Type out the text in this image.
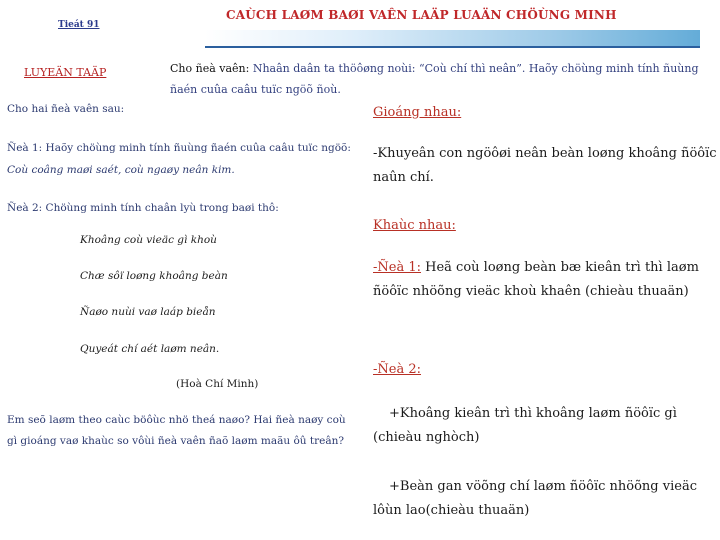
Tieát 91
CAÙCH LAØM BAØI VAÊN LAÄP LUAÄN CHÖÙNG MINH
LUYEÄN TAÄP	Cho ñeà vaên: Nhaân daân ta thöôøng noùi: “Coù chí thì neân”. Haõy chöùng minh tính ñuùng ñaén cuûa caâu tuïc ngöõ ñoù.
Cho hai ñeà vaên sau:
Ñeà 1: Haõy chöùng minh tính ñuùng ñaén cuûa caâu tuïc ngöõ: Coù coâng maøi saét, coù ngaøy neân kim.
Ñeà 2: Chöùng minh tính chaân lyù trong baøi thô:
Khoâng coù vieäc gì khoù
Chæ sôï loøng khoâng beàn
Ñaøo nuùi vaø laáp bieån
Quyeát chí aét laøm neân.
(Hoà Chí Minh)
Em seõ laøm theo caùc böôùc nhö theá naøo? Hai ñeà naøy coù gì gioáng vaø khaùc so vôùi ñeà vaên ñaõ laøm maãu ôû treân?
Gioáng nhau:
-Khuyeân con ngöôøi neân beàn loøng khoâng ñöôïc naûn chí.
Khaùc nhau:
-Ñeà 1: Heã coù loøng beàn bæ kieân trì thì laøm ñöôïc nhöõng vieäc khoù khaên (chieàu thuaän)
-Ñeà 2:
+Khoâng kieân trì thì khoâng laøm ñöôïc gì (chieàu nghòch)
+Beàn gan vöõng chí laøm ñöôïc nhöõng vieäc lôùn lao(chieàu thuaän)
